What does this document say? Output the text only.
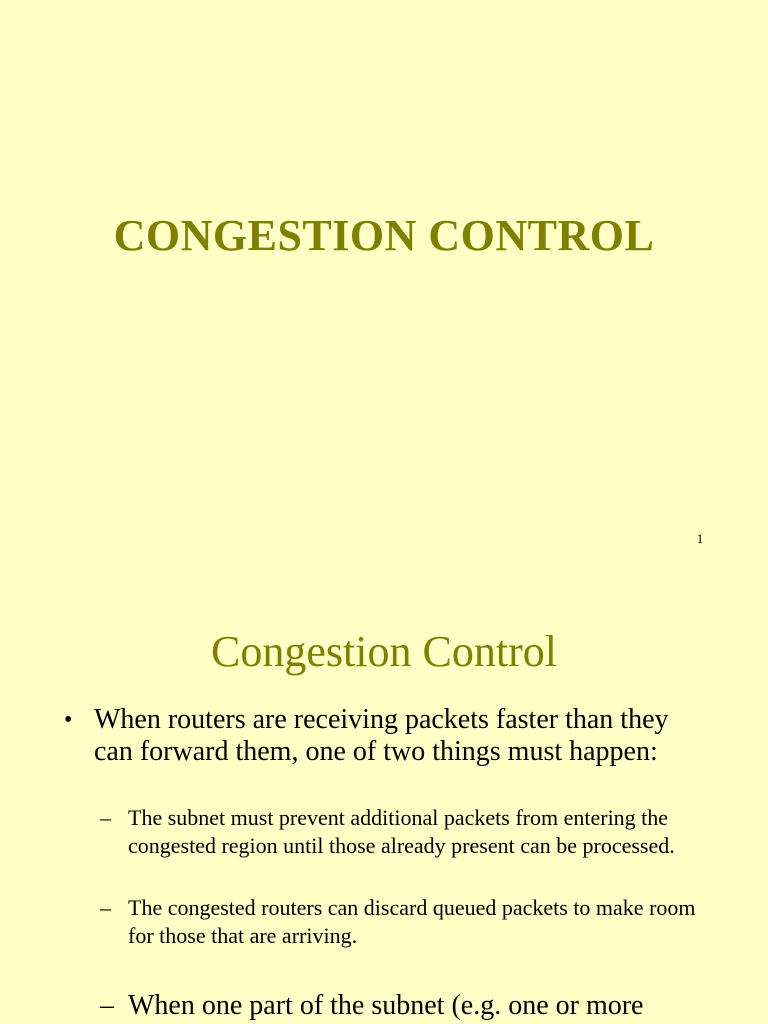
CONGESTION CONTROL
1
Congestion Control
• When routers are receiving packets faster than they can forward them, one of two things must happen:
– The subnet must prevent additional packets from entering the congested region until those already present can be processed.
– The congested routers can discard queued packets to make room for those that are arriving.
– When one part of the subnet (e.g. one or more
